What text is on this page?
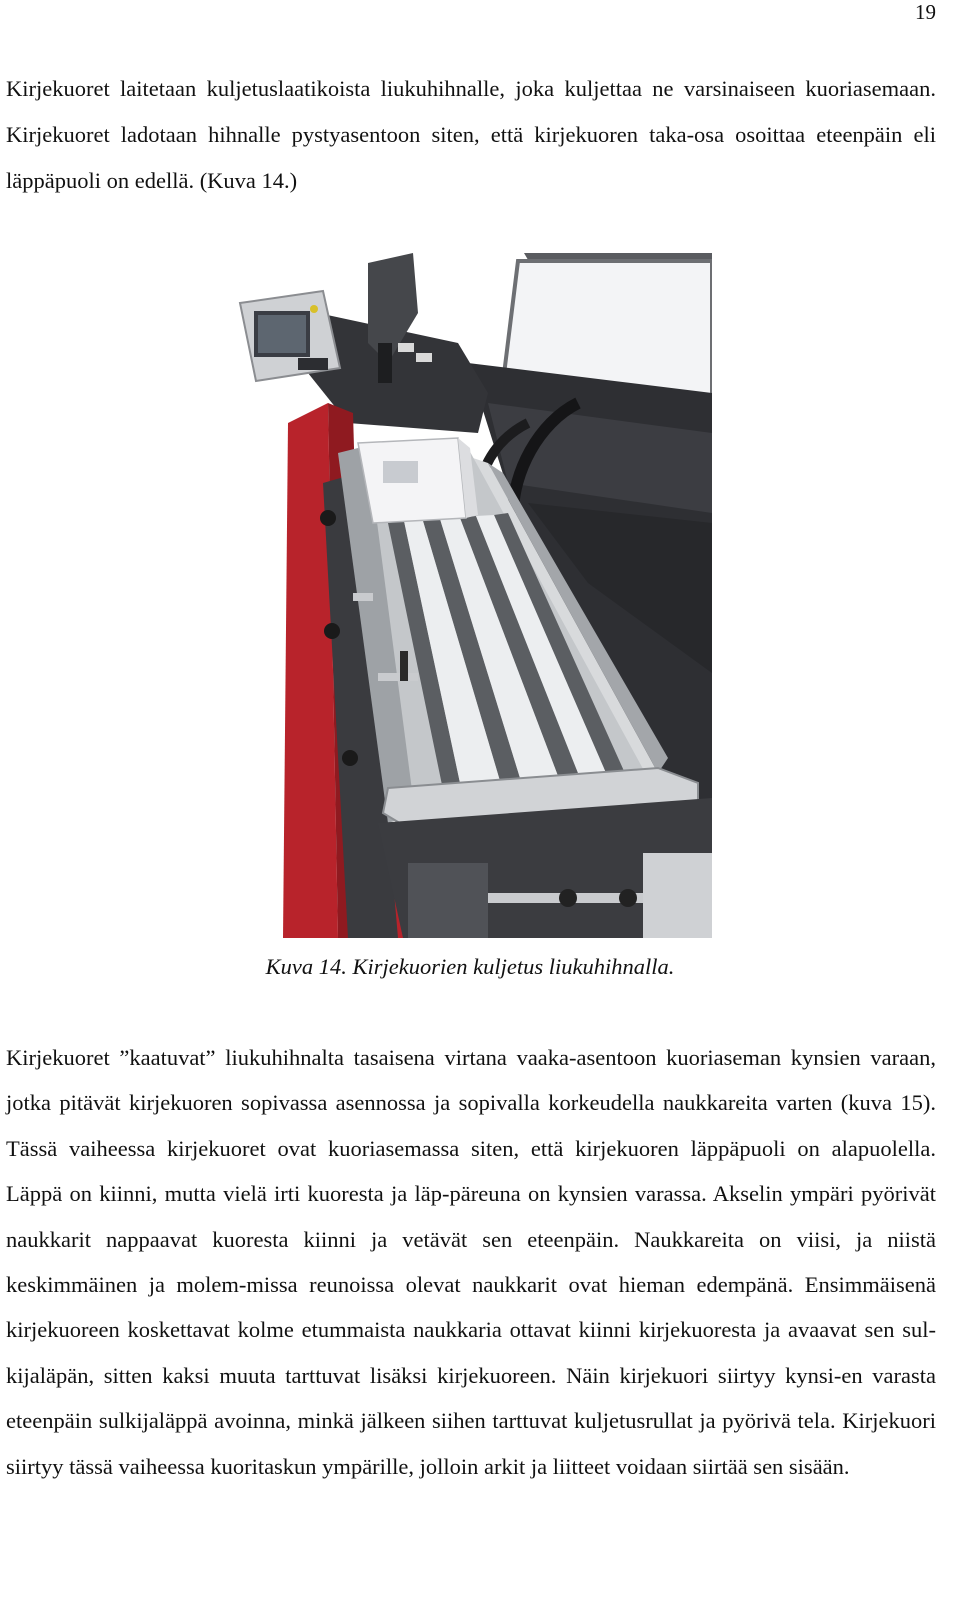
19

Kirjekuoret laitetaan kuljetuslaatikoista liukuhihnalle, joka kuljettaa ne varsinaiseen kuoriasemaan. Kirjekuoret ladotaan hihnalle pystyasentoon siten, että kirjekuoren taka-osa osoittaa eteenpäin eli läppäpuoli on edellä. (Kuva 14.)

Kuva 14. Kirjekuorien kuljetus liukuhihnalla.

Kirjekuoret ”kaatuvat” liukuhihnalta tasaisena virtana vaaka-asentoon kuoriaseman kynsien varaan, jotka pitävät kirjekuoren sopivassa asennossa ja sopivalla korkeudella naukkareita varten (kuva 15). Tässä vaiheessa kirjekuoret ovat kuoriasemassa siten, että kirjekuoren läppäpuoli on alapuolella. Läppä on kiinni, mutta vielä irti kuoresta ja läp-päreuna on kynsien varassa. Akselin ympäri pyörivät naukkarit nappaavat kuoresta kiinni ja vetävät sen eteenpäin. Naukkareita on viisi, ja niistä keskimmäinen ja molem-missa reunoissa olevat naukkarit ovat hieman edempänä. Ensimmäisenä kirjekuoreen koskettavat kolme etummaista naukkaria ottavat kiinni kirjekuoresta ja avaavat sen sul-kijaläpän, sitten kaksi muuta tarttuvat lisäksi kirjekuoreen. Näin kirjekuori siirtyy kynsi-en varasta eteenpäin sulkijaläppä avoinna, minkä jälkeen siihen tarttuvat kuljetusrullat ja pyörivä tela. Kirjekuori siirtyy tässä vaiheessa kuoritaskun ympärille, jolloin arkit ja liitteet voidaan siirtää sen sisään.
